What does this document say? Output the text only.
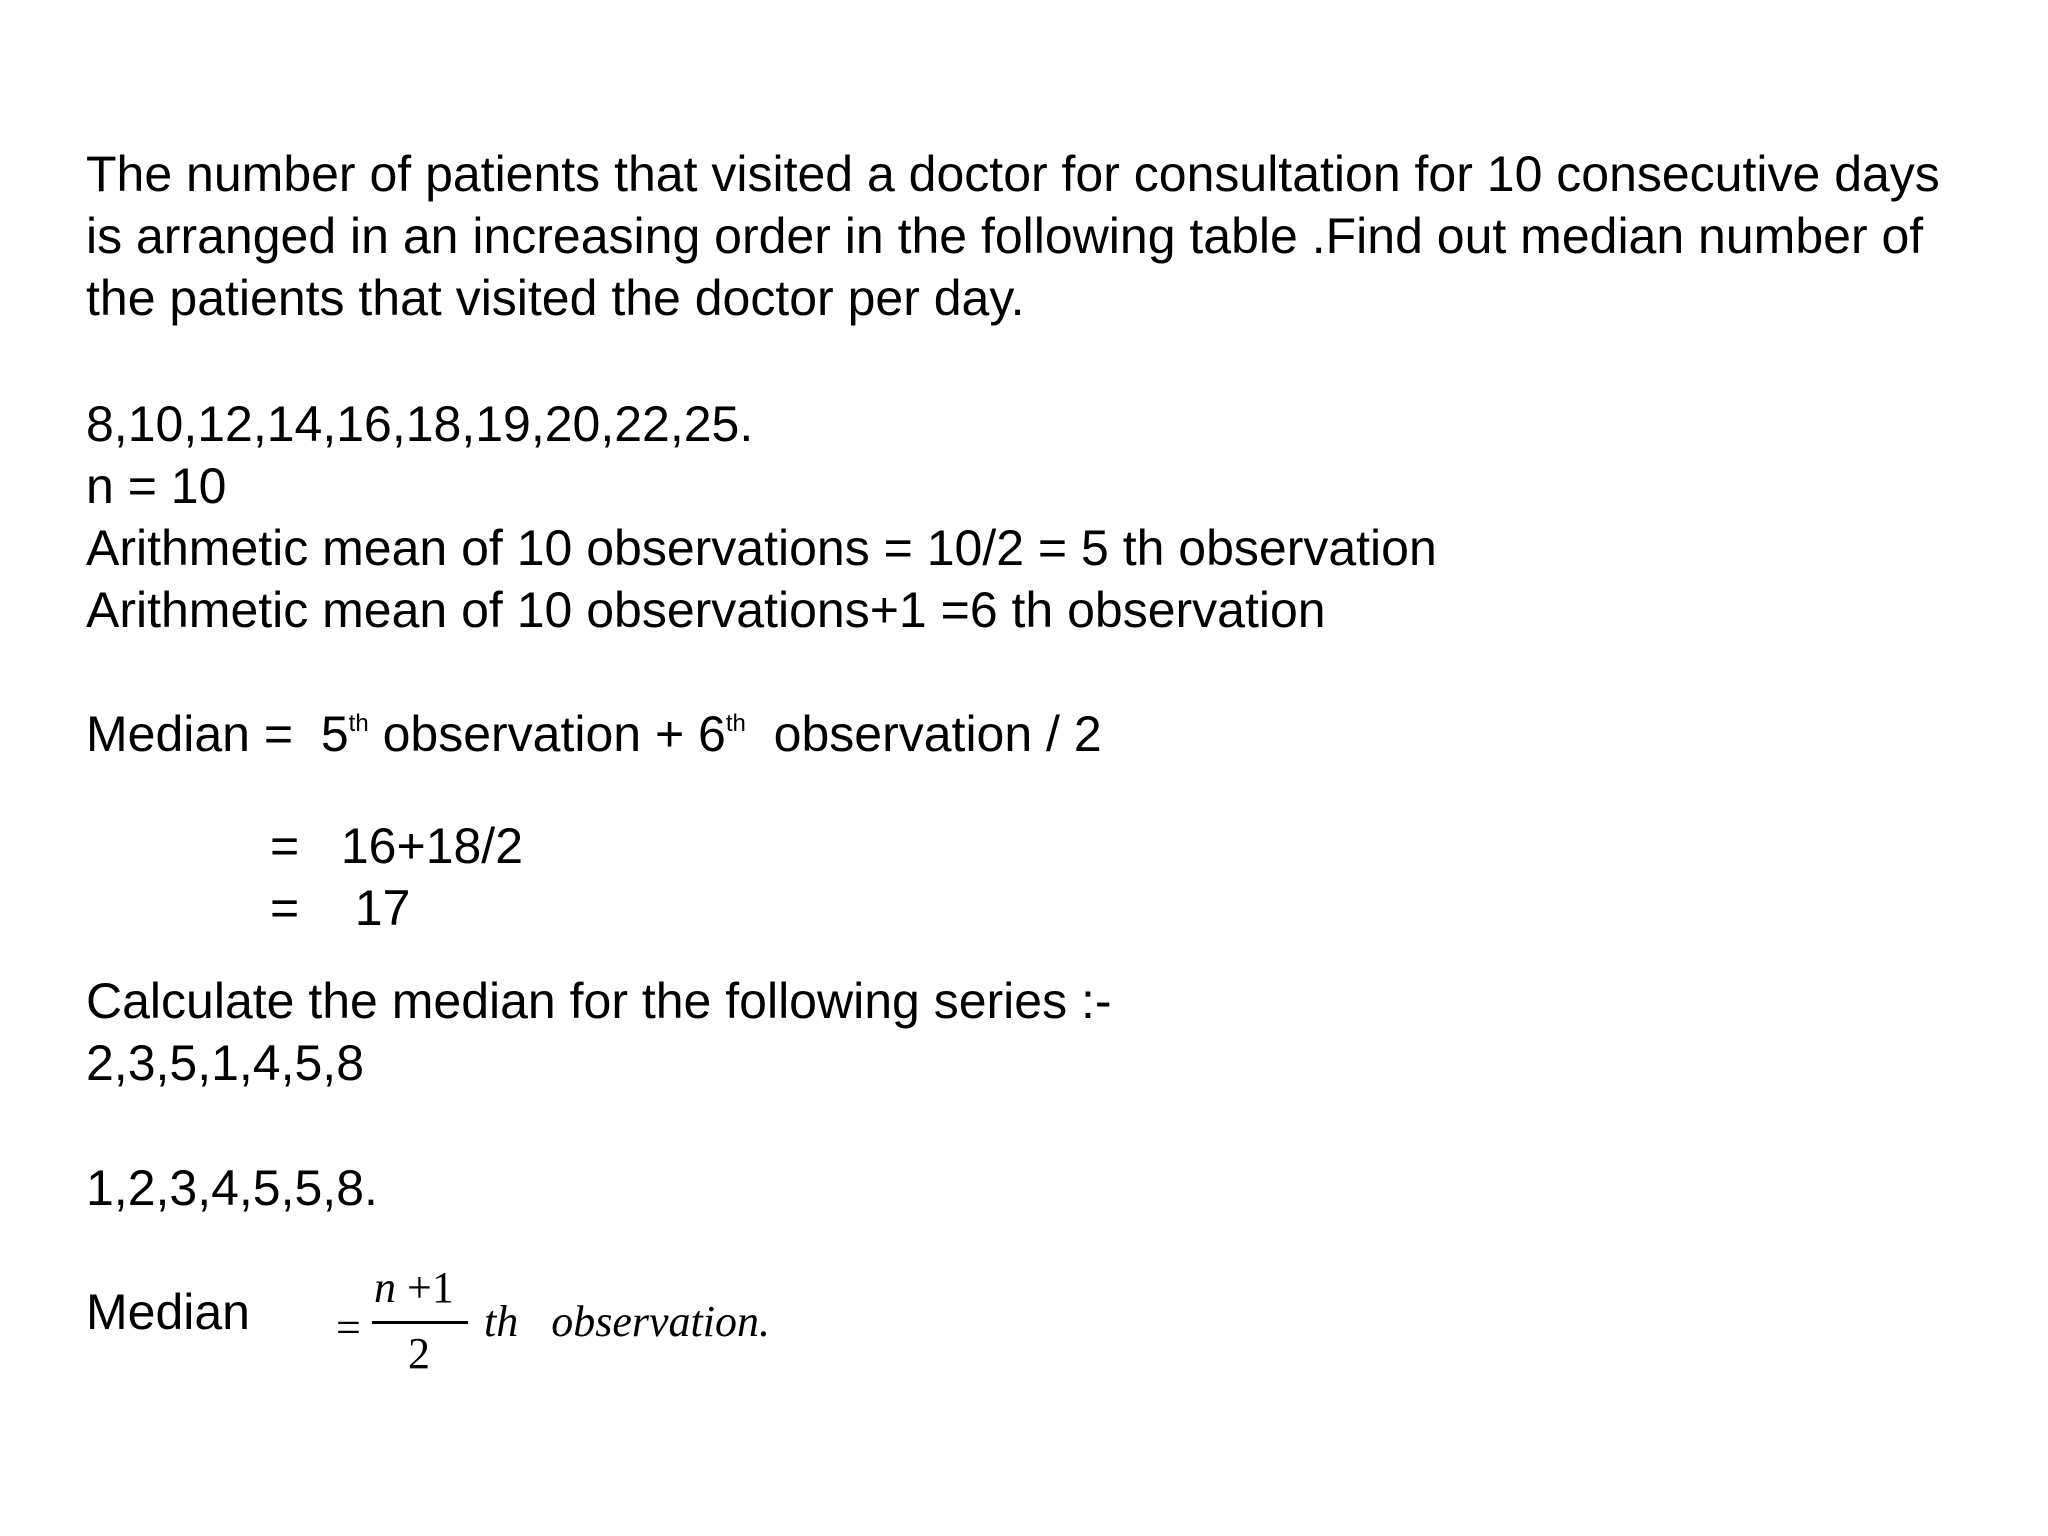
The number of patients that visited a doctor for consultation for 10 consecutive days
is arranged in an increasing order in the following table .Find out median number of
the patients that visited the doctor per day.

8,10,12,14,16,18,19,20,22,25.

n = 10

Arithmetic mean of 10 observations = 10/2 = 5 th observation

Arithmetic mean of 10 observations+1 =6 th observation

Median =  5th observation + 6th  observation / 2

=   16+18/2

=    17

Calculate the median for the following series :-

2,3,5,1,4,5,8

1,2,3,4,5,5,8.

Median =
n +1
2
th   observation.
